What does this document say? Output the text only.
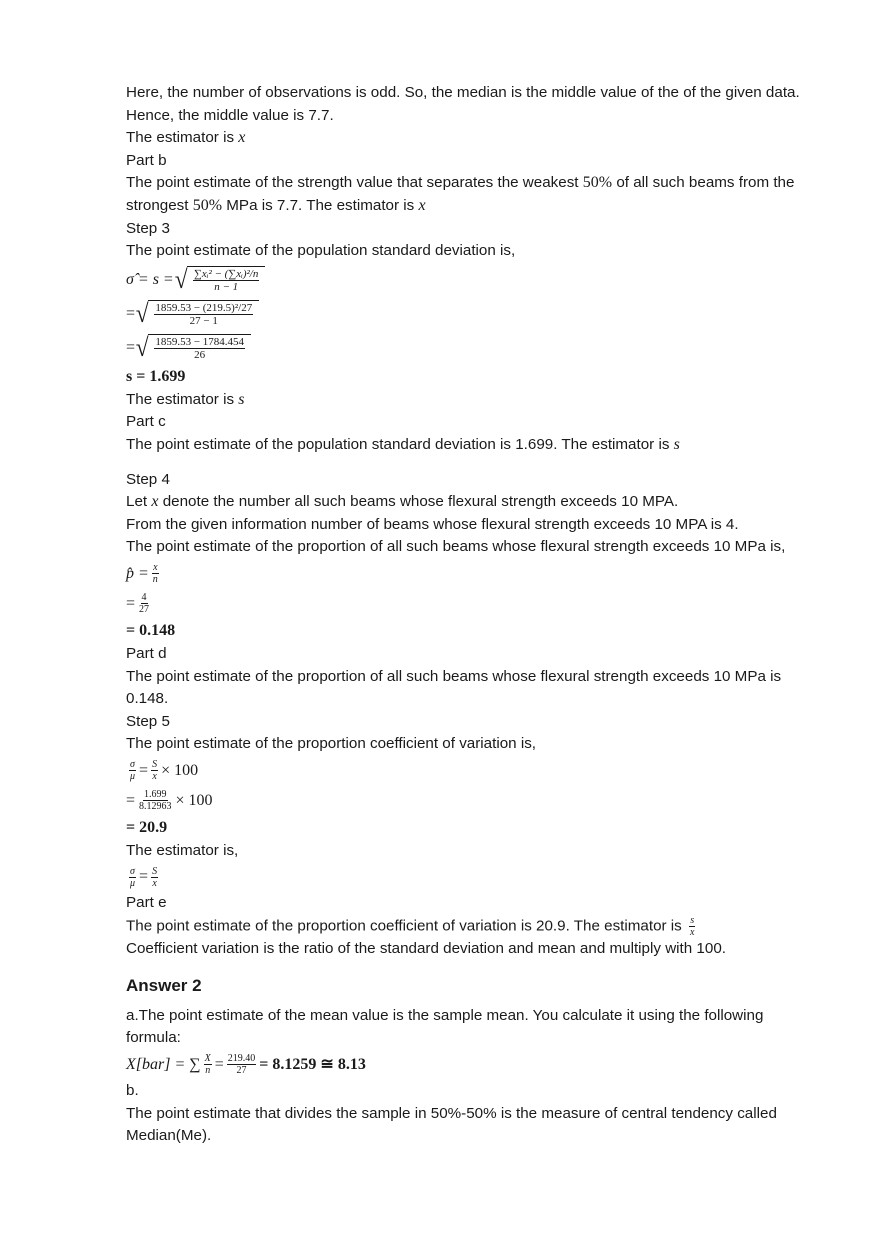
Here, the number of observations is odd. So, the median is the middle value of the of the given data.
Hence, the middle value is 7.7.
The estimator is x
Part b
The point estimate of the strength value that separates the weakest 50% of all such beams from the strongest 50% MPa is 7.7. The estimator is x
Step 3
The point estimate of the population standard deviation is,
σ̂ = s = √ $\frac{\text{∑xᵢ² − (∑xᵢ)²/n}}{n - 1}$
= √ $\frac{\text{1859.53 − (219.5)²/27}}{27 - 1}$
= √ $\frac{1859.53 - 1784.454}{26}$
s = 1.699
The estimator is s
Part c
The point estimate of the population standard deviation is 1.699. The estimator is s
Step 4
Let x denote the number all such beams whose flexural strength exceeds 10 MPA.
From the given information number of beams whose flexural strength exceeds 10 MPA is 4.
The point estimate of the proportion of all such beams whose flexural strength exceeds 10 MPa is,
p̂ = $\frac{x}{n}$
= $\frac{4}{27}$
= 0.148
Part d
The point estimate of the proportion of all such beams whose flexural strength exceeds 10 MPa is 0.148.
Step 5
The point estimate of the proportion coefficient of variation is,
$\frac{\sigma}{\mu} = \frac{S}{x} \times 100$
= $\frac{1.699}{8.12963} \times 100$
= 20.9
The estimator is,
$\frac{\sigma}{\mu} = \frac{S}{x}$
Part e
The point estimate of the proportion coefficient of variation is 20.9. The estimator is $\frac{s}{x}$
Coefficient variation is the ratio of the standard deviation and mean and multiply with 100.
Answer 2
a.The point estimate of the mean value is the sample mean. You calculate it using the following formula:
X[bar] = ∑ $\frac{X}{n} = \frac{219.40}{27} = 8.1259$ ≅ 8.13
b.
The point estimate that divides the sample in 50%-50% is the measure of central tendency called Median(Me).
